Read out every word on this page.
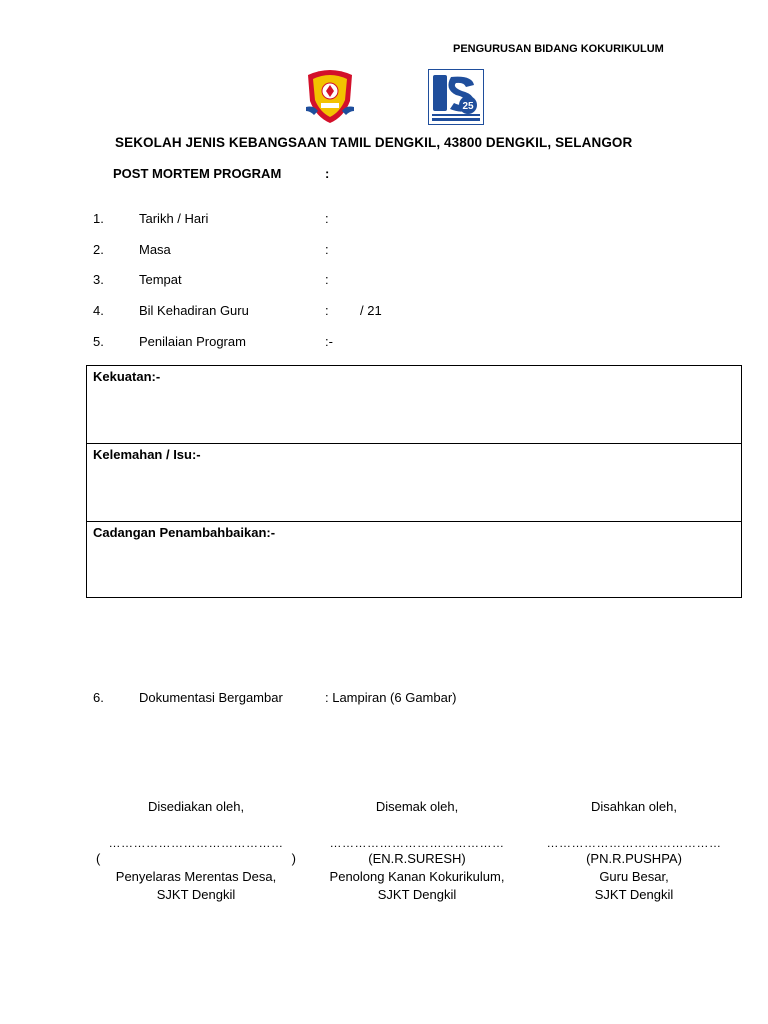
PENGURUSAN BIDANG KOKURIKULUM
25
SEKOLAH JENIS KEBANGSAAN TAMIL DENGKIL, 43800 DENGKIL, SELANGOR
POST MORTEM PROGRAM	:
1.	Tarikh / Hari	:
2.	Masa	:
3.	Tempat	:
4.	Bil Kehadiran Guru	: / 21
5.	Penilaian Program	:-
Kekuatan:-
Kelemahan / Isu:-
Cadangan Penambahbaikan:-
6.	Dokumentasi Bergambar	: Lampiran (6 Gambar)
Disediakan oleh,
……………………………………
(	)
Penyelaras Merentas Desa,
SJKT Dengkil
Disemak oleh,
……………………………………
(EN.R.SURESH)
Penolong Kanan Kokurikulum,
SJKT Dengkil
Disahkan oleh,
……………………………………
(PN.R.PUSHPA)
Guru Besar,
SJKT Dengkil
